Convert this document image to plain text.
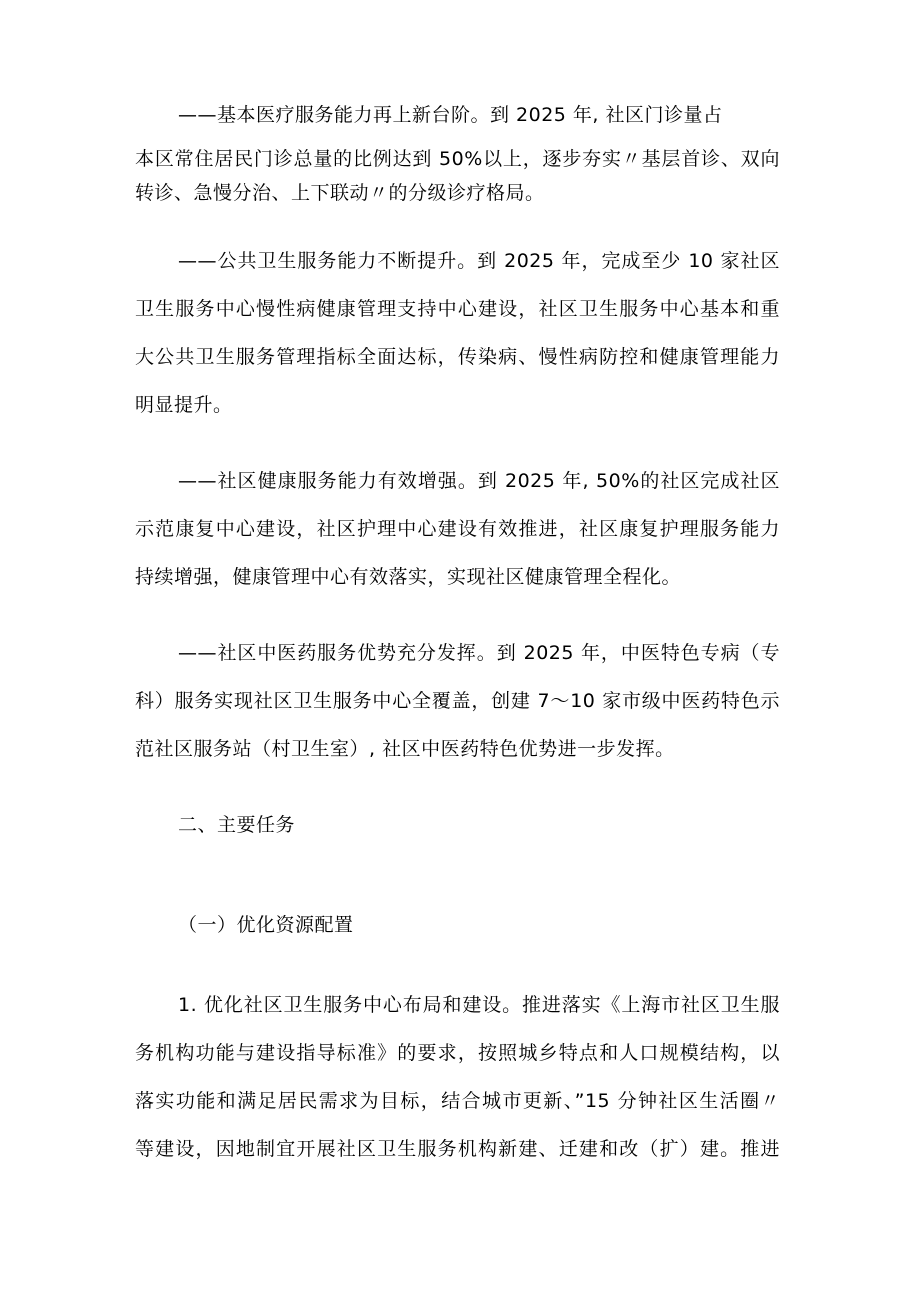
——基本医疗服务能力再上新台阶。到 2025 年, 社区门诊量占
本区常住居民门诊总量的比例达到 50%以上，逐步夯实〃基层首诊、双向
转诊、急慢分治、上下联动〃的分级诊疗格局。
——公共卫生服务能力不断提升。到 2025 年，完成至少 10 家社区
卫生服务中心慢性病健康管理支持中心建设，社区卫生服务中心基本和重
大公共卫生服务管理指标全面达标，传染病、慢性病防控和健康管理能力
明显提升。
——社区健康服务能力有效增强。到 2025 年, 50%的社区完成社区
示范康复中心建设，社区护理中心建设有效推进，社区康复护理服务能力
持续增强，健康管理中心有效落实，实现社区健康管理全程化。
——社区中医药服务优势充分发挥。到 2025 年，中医特色专病（专
科）服务实现社区卫生服务中心全覆盖，创建 7～10 家市级中医药特色示
范社区服务站（村卫生室）, 社区中医药特色优势进一步发挥。
二、主要任务
（一）优化资源配置
1. 优化社区卫生服务中心布局和建设。推进落实《上海市社区卫生服
务机构功能与建设指导标准》的要求，按照城乡特点和人口规模结构，以
落实功能和满足居民需求为目标，结合城市更新、”15 分钟社区生活圈〃
等建设，因地制宜开展社区卫生服务机构新建、迁建和改（扩）建。推进
